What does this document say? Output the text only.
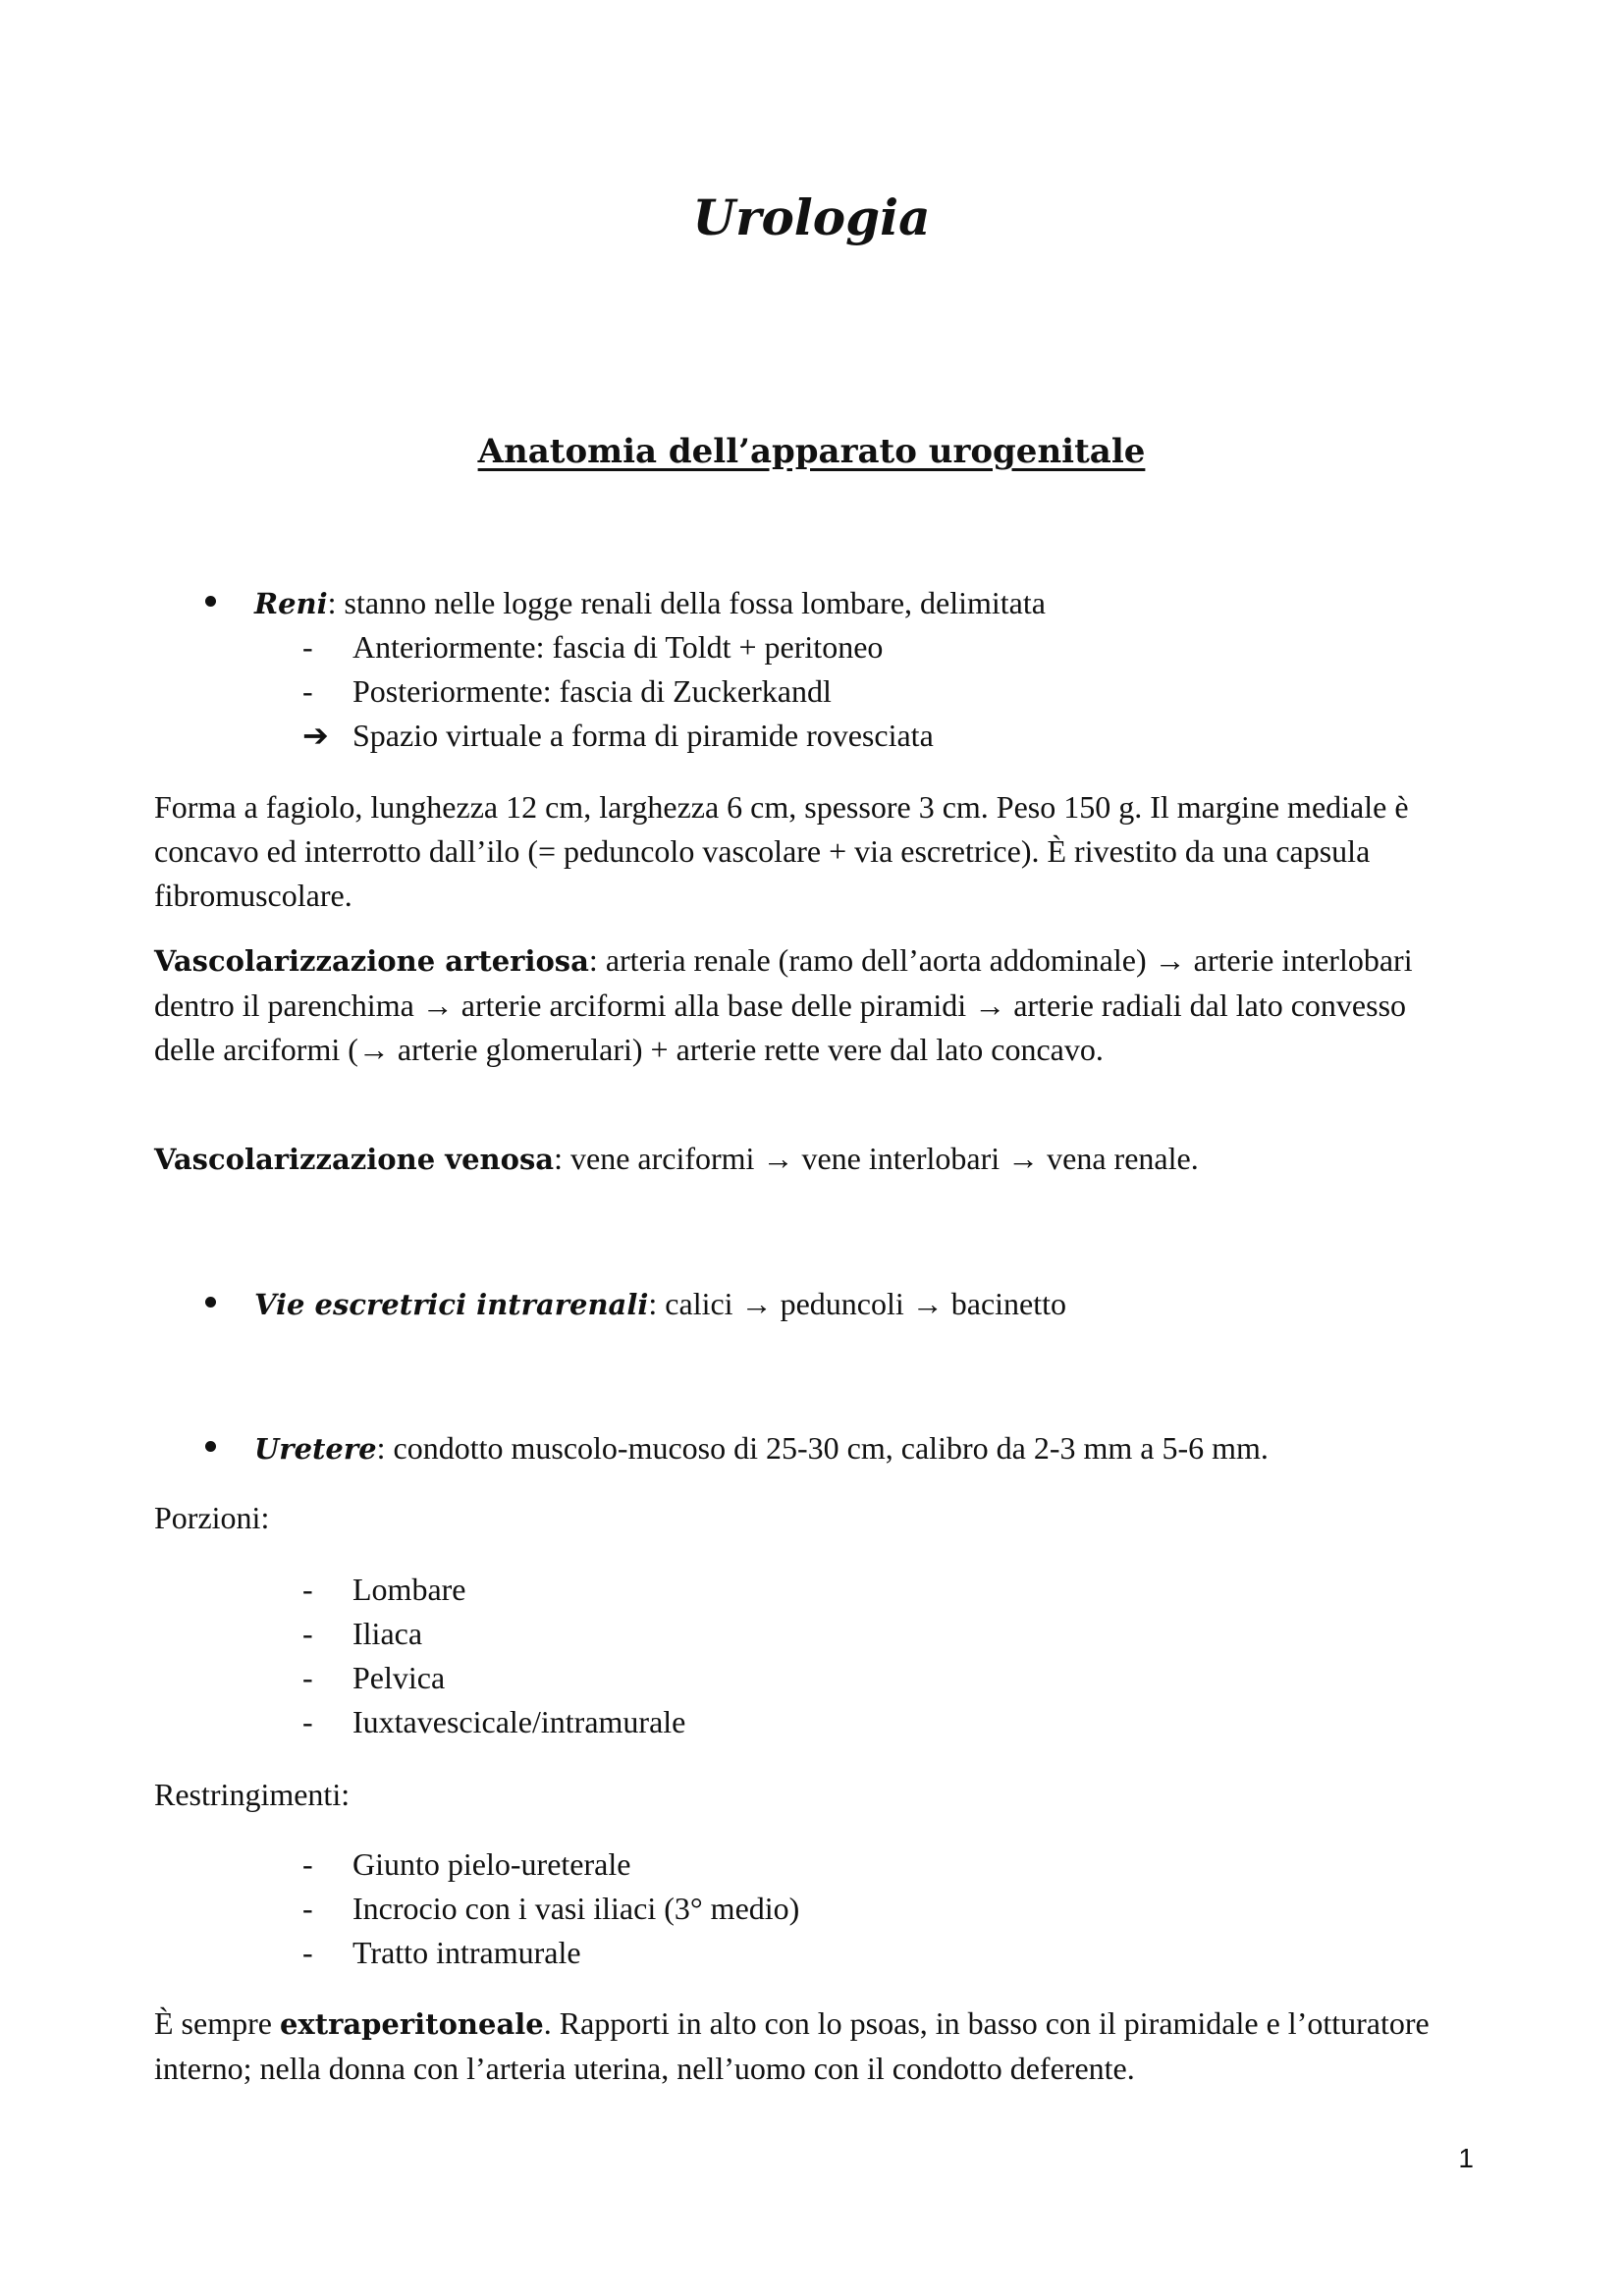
Urologia
Anatomia dell’apparato urogenitale
Reni: stanno nelle logge renali della fossa lombare, delimitata
-	Anteriormente: fascia di Toldt + peritoneo
-	Posteriormente: fascia di Zuckerkandl
➔ Spazio virtuale a forma di piramide rovesciata

Forma a fagiolo, lunghezza 12 cm, larghezza 6 cm, spessore 3 cm. Peso 150 g. Il margine mediale è concavo ed interrotto dall’ilo (= peduncolo vascolare + via escretrice). È rivestito da una capsula fibromuscolare.

Vascolarizzazione arteriosa: arteria renale (ramo dell’aorta addominale) → arterie interlobari dentro il parenchima → arterie arciformi alla base delle piramidi → arterie radiali dal lato convesso delle arciformi (→ arterie glomerulari) + arterie rette vere dal lato concavo.

Vascolarizzazione venosa: vene arciformi → vene interlobari → vena renale.

Vie escretrici intrarenali: calici → peduncoli → bacinetto
Uretere: condotto muscolo-mucoso di 25-30 cm, calibro da 2-3 mm a 5-6 mm.

Porzioni:

-	Lombare
-	Iliaca
-	Pelvica
-	Iuxtavescicale/intramurale

Restringimenti:

-	Giunto pielo-ureterale
-	Incrocio con i vasi iliaci (3° medio)
-	Tratto intramurale

È sempre extraperitoneale. Rapporti in alto con lo psoas, in basso con il piramidale e l’otturatore interno; nella donna con l’arteria uterina, nell’uomo con il condotto deferente.

1
